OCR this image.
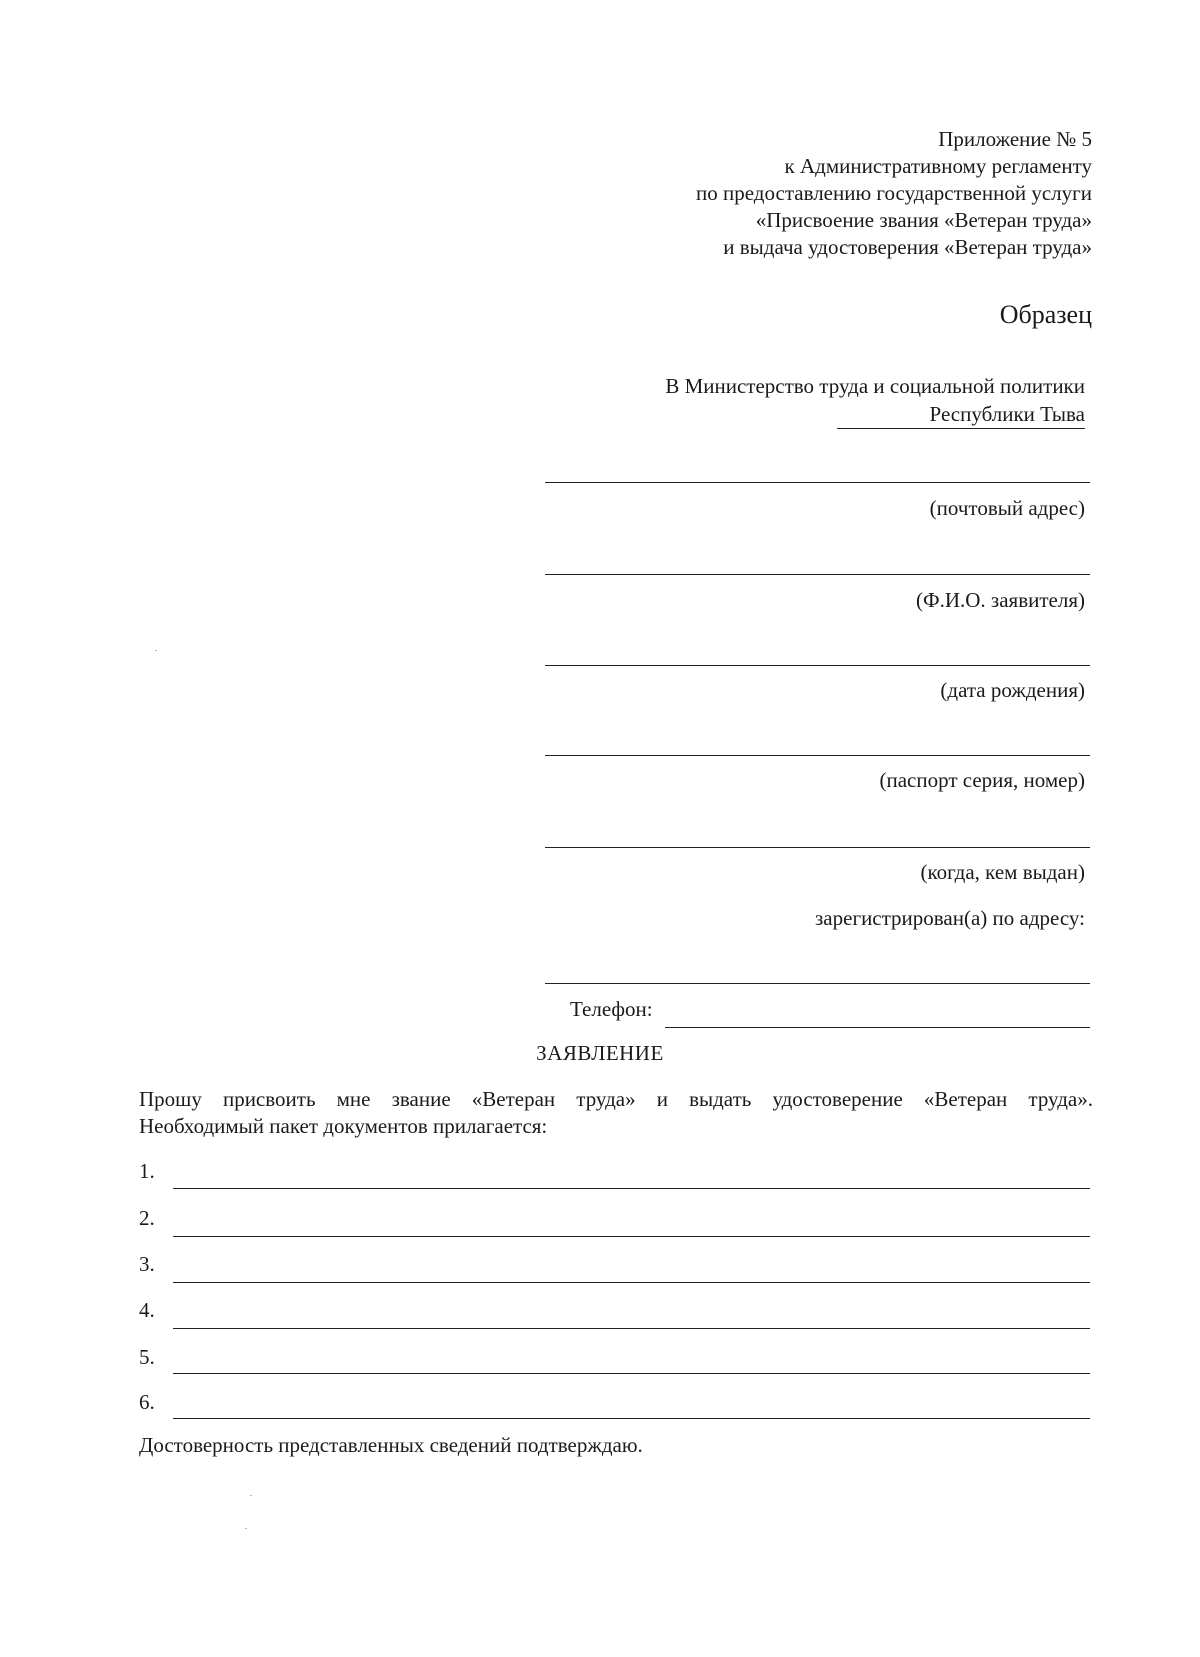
Приложение № 5
к Административному регламенту
по предоставлению государственной услуги
«Присвоение звания «Ветеран труда»
и выдача удостоверения «Ветеран труда»
Образец
В Министерство труда и социальной политики
Республики Тыва
(почтовый адрес)
(Ф.И.О. заявителя)
(дата рождения)
(паспорт серия, номер)
(когда, кем выдан)
зарегистрирован(а) по адресу:
Телефон:
ЗАЯВЛЕНИЕ
Прошу присвоить мне звание «Ветеран труда» и выдать удостоверение «Ветеран труда».
Необходимый пакет документов прилагается:
1.
2.
3.
4.
5.
6.
Достоверность представленных сведений подтверждаю.
